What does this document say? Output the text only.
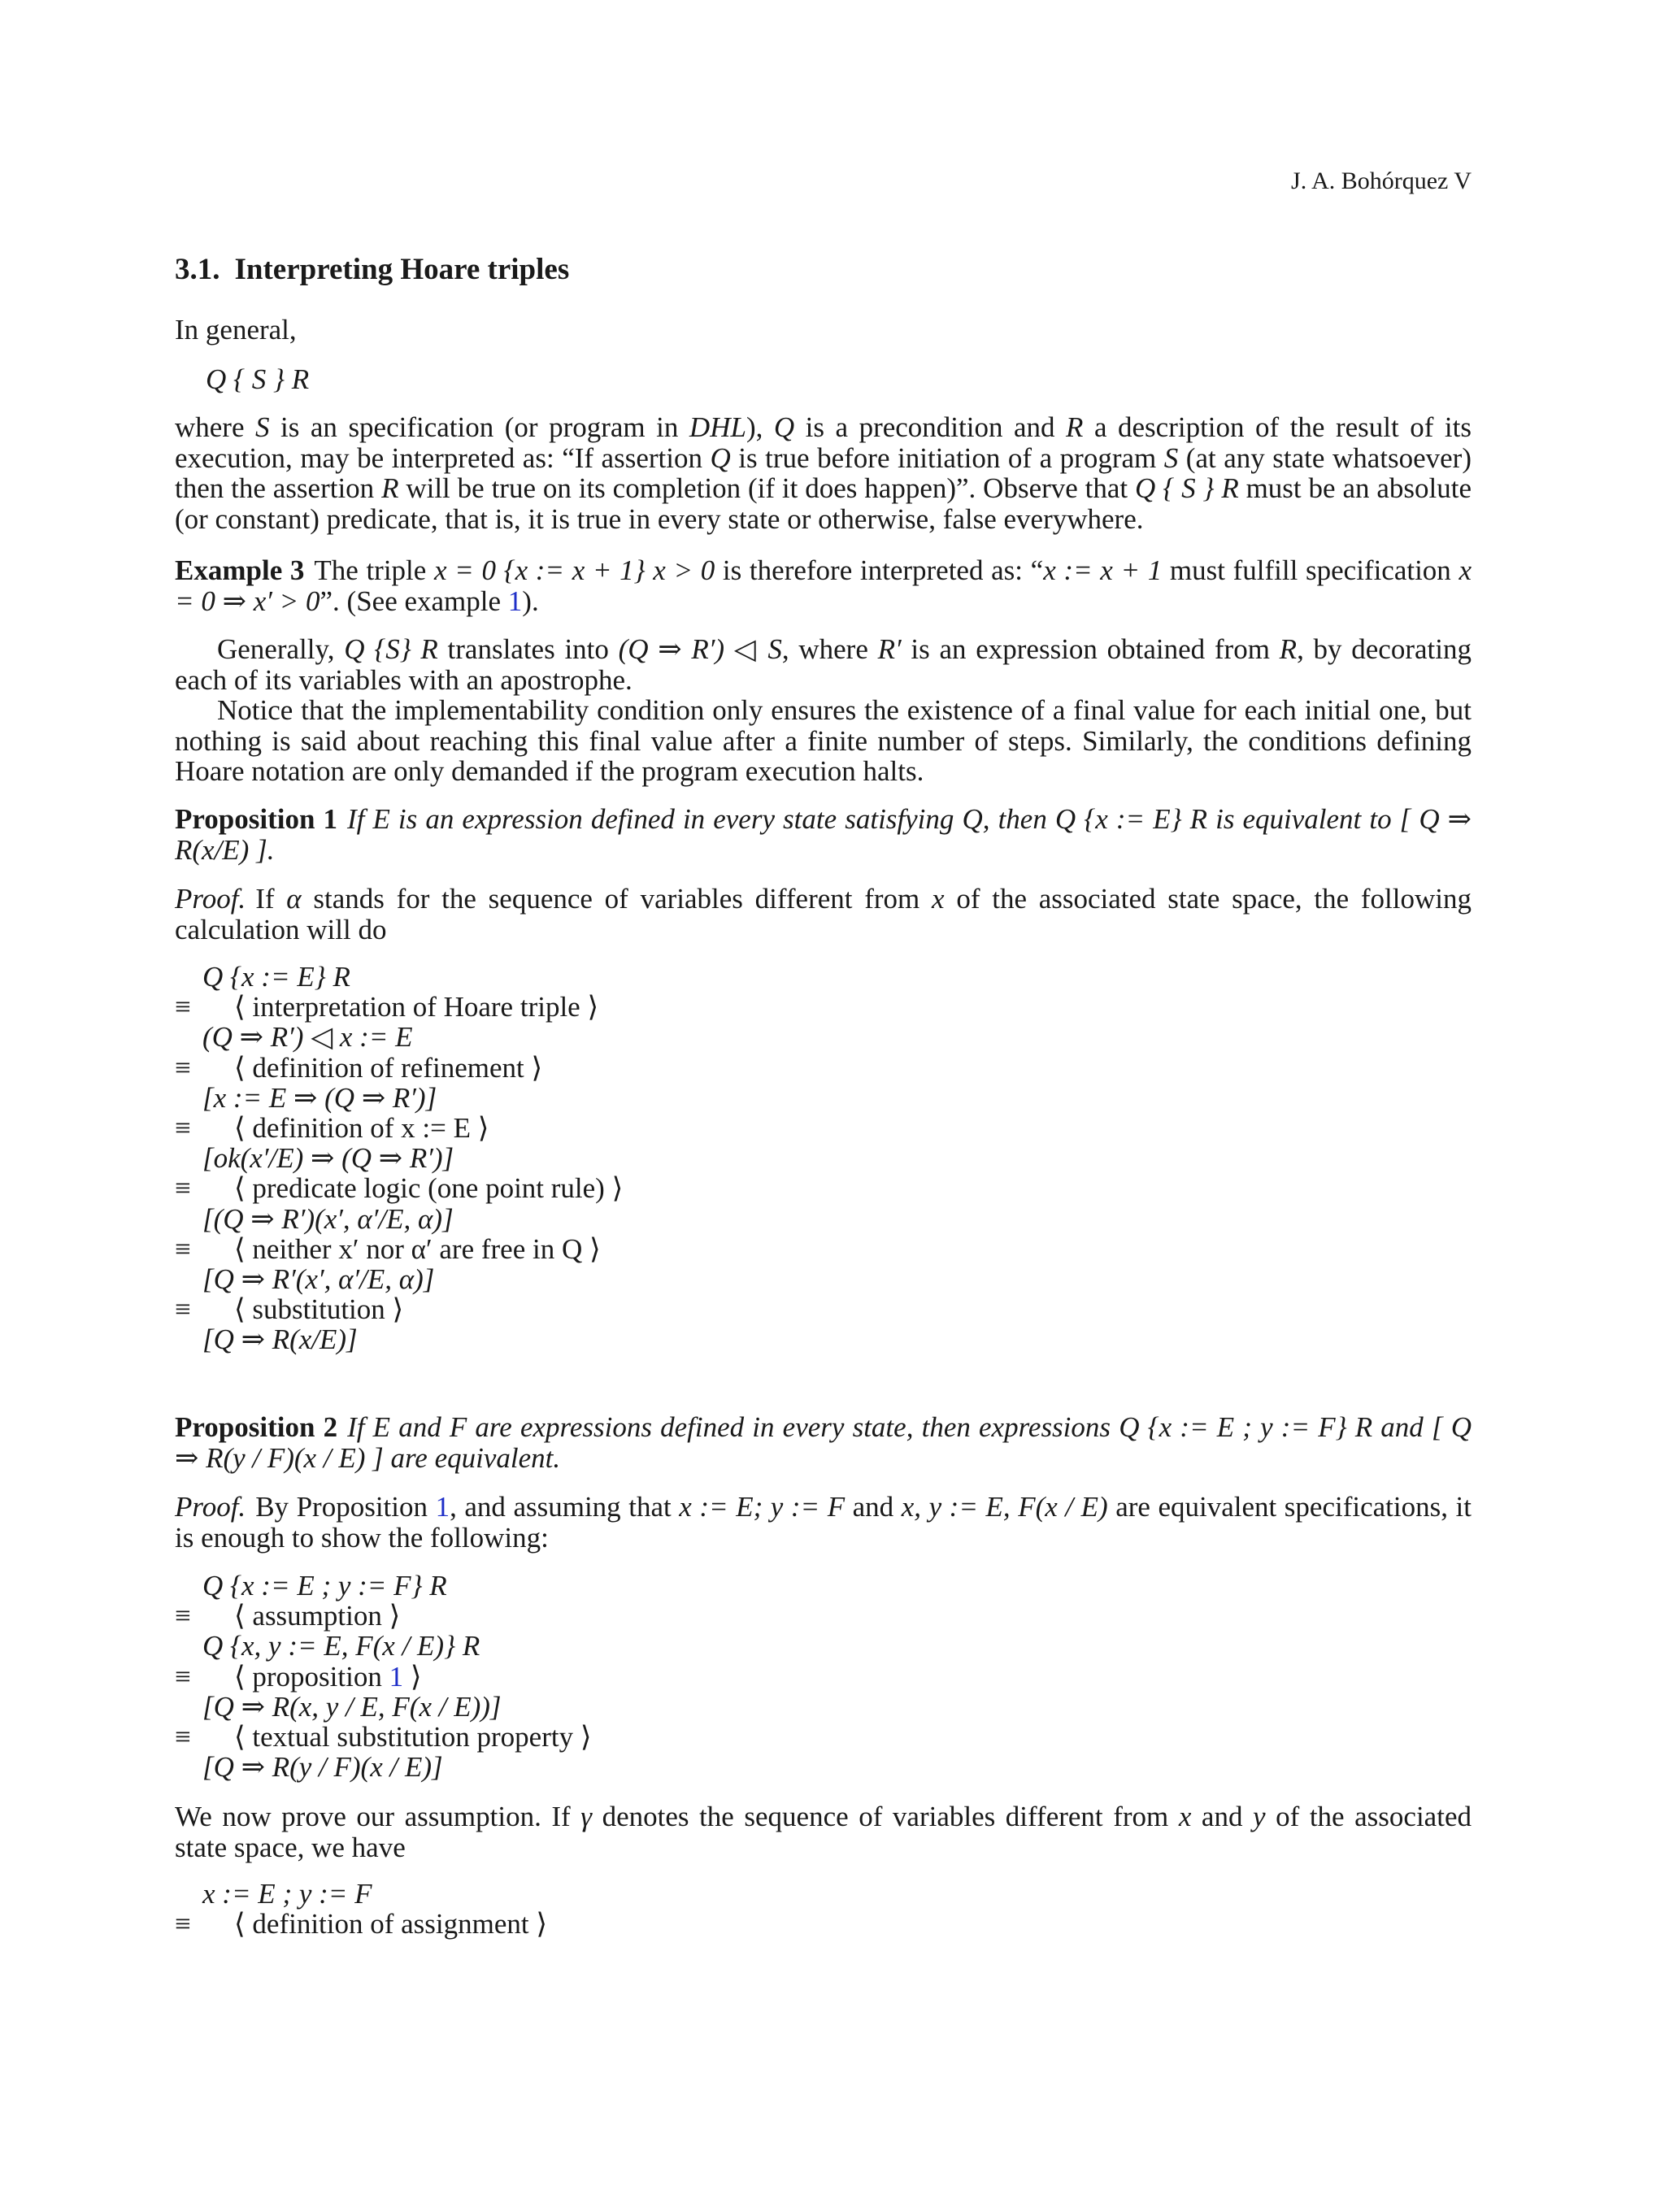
J. A. Bohórquez V
3.1. Interpreting Hoare triples

In general,

Q { S } R

where S is an specification (or program in DHL), Q is a precondition and R a description of the result of its execution, may be interpreted as: “If assertion Q is true before initiation of a program S (at any state whatsoever) then the assertion R will be true on its completion (if it does happen)”. Observe that Q { S } R must be an absolute (or constant) predicate, that is, it is true in every state or otherwise, false everywhere.

Example 3 The triple x = 0 {x := x + 1} x > 0 is therefore interpreted as: “x := x + 1 must fulfill specification x = 0 ⇒ x′ > 0”. (See example 1).

Generally, Q {S} R translates into (Q ⇒ R′) ◁ S, where R′ is an expression obtained from R, by decorating each of its variables with an apostrophe.

Notice that the implementability condition only ensures the existence of a final value for each initial one, but nothing is said about reaching this final value after a finite number of steps. Similarly, the conditions defining Hoare notation are only demanded if the program execution halts.

Proposition 1 If E is an expression defined in every state satisfying Q, then Q {x := E} R is equivalent to [ Q ⇒ R(x/E) ].

Proof. If α stands for the sequence of variables different from x of the associated state space, the following calculation will do

Q {x := E} R
≡ ⟨ interpretation of Hoare triple ⟩
(Q ⇒ R′) ◁ x := E
≡ ⟨ definition of refinement ⟩
[x := E ⇒ (Q ⇒ R′)]
≡ ⟨ definition of x := E ⟩
[ok(x′/E) ⇒ (Q ⇒ R′)]
≡ ⟨ predicate logic (one point rule) ⟩
[(Q ⇒ R′)(x′, α′/E, α)]
≡ ⟨ neither x′ nor α′ are free in Q ⟩
[Q ⇒ R′(x′, α′/E, α)]
≡ ⟨ substitution ⟩
[Q ⇒ R(x/E)]

Proposition 2 If E and F are expressions defined in every state, then expressions Q {x := E ; y := F} R and [ Q ⇒ R(y / F)(x / E) ] are equivalent.

Proof. By Proposition 1, and assuming that x := E; y := F and x, y := E, F(x / E) are equivalent specifications, it is enough to show the following:

Q {x := E ; y := F} R
≡ ⟨ assumption ⟩
Q {x, y := E, F(x / E)} R
≡ ⟨ proposition 1 ⟩
[Q ⇒ R(x, y / E, F(x / E))]
≡ ⟨ textual substitution property ⟩
[Q ⇒ R(y / F)(x / E)]

We now prove our assumption. If γ denotes the sequence of variables different from x and y of the associated state space, we have

x := E ; y := F
≡ ⟨ definition of assignment ⟩
